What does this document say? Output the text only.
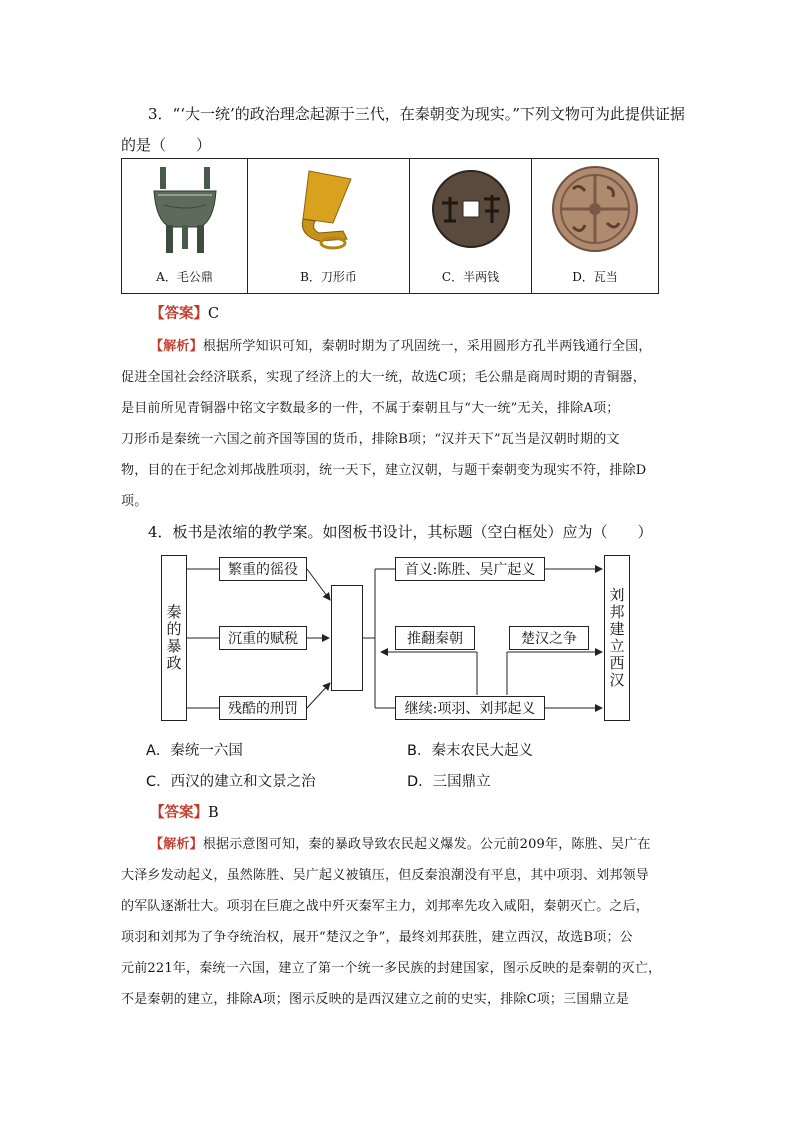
3．“‘大一统’的政治理念起源于三代，在秦朝变为现实。”下列文物可为此提供证据
的是（　　）
A．毛公鼎	B．刀形币	C．半两钱	D．瓦当
【答案】C
【解析】根据所学知识可知，秦朝时期为了巩固统一，采用圆形方孔半两钱通行全国，
促进全国社会经济联系，实现了经济上的大一统，故选C项；毛公鼎是商周时期的青铜器，
是目前所见青铜器中铭文字数最多的一件，不属于秦朝且与“大一统”无关，排除A项；
刀形币是秦统一六国之前齐国等国的货币，排除B项；“汉并天下”瓦当是汉朝时期的文
物，目的在于纪念刘邦战胜项羽，统一天下，建立汉朝，与题干秦朝变为现实不符，排除D
项。
4．板书是浓缩的教学案。如图板书设计，其标题（空白框处）应为（　　）
秦的暴政
繁重的徭役
沉重的赋税
残酷的刑罚
首义:陈胜、吴广起义
推翻秦朝	楚汉之争
继续:项羽、刘邦起义
刘邦建立西汉
A．秦统一六国	B．秦末农民大起义
C．西汉的建立和文景之治	D．三国鼎立
【答案】B
【解析】根据示意图可知，秦的暴政导致农民起义爆发。公元前209年，陈胜、吴广在
大泽乡发动起义，虽然陈胜、吴广起义被镇压，但反秦浪潮没有平息，其中项羽、刘邦领导
的军队逐渐壮大。项羽在巨鹿之战中歼灭秦军主力，刘邦率先攻入咸阳，秦朝灭亡。之后，
项羽和刘邦为了争夺统治权，展开“楚汉之争”，最终刘邦获胜，建立西汉，故选B项；公
元前221年，秦统一六国，建立了第一个统一多民族的封建国家，图示反映的是秦朝的灭亡，
不是秦朝的建立，排除A项；图示反映的是西汉建立之前的史实，排除C项；三国鼎立是
